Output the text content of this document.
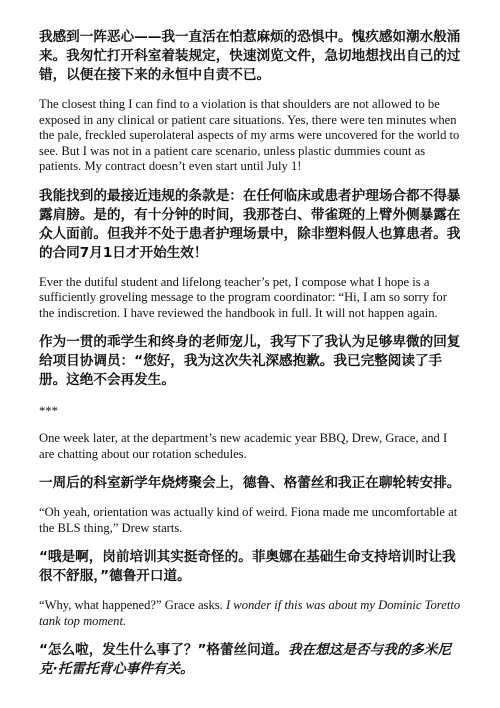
我感到一阵恶心——我一直活在怕惹麻烦的恐惧中。愧疚感如潮水般涌来。我匆忙打开科室着装规定，快速浏览文件，急切地想找出自己的过错，以便在接下来的永恒中自责不已。

The closest thing I can find to a violation is that shoulders are not allowed to be exposed in any clinical or patient care situations. Yes, there were ten minutes when the pale, freckled superolateral aspects of my arms were uncovered for the world to see. But I was not in a patient care scenario, unless plastic dummies count as patients. My contract doesn’t even start until July 1!

我能找到的最接近违规的条款是：在任何临床或患者护理场合都不得暴露肩膀。是的，有十分钟的时间，我那苍白、带雀斑的上臂外侧暴露在众人面前。但我并不处于患者护理场景中，除非塑料假人也算患者。我的合同7月1日才开始生效！

Ever the dutiful student and lifelong teacher’s pet, I compose what I hope is a sufficiently groveling message to the program coordinator: “Hi, I am so sorry for the indiscretion. I have reviewed the handbook in full. It will not happen again.

作为一贯的乖学生和终身的老师宠儿，我写下了我认为足够卑微的回复给项目协调员：“您好，我为这次失礼深感抱歉。我已完整阅读了手册。这绝不会再发生。

***

One week later, at the department’s new academic year BBQ, Drew, Grace, and I are chatting about our rotation schedules.

一周后的科室新学年烧烤聚会上，德鲁、格蕾丝和我正在聊轮转安排。

“Oh yeah, orientation was actually kind of weird. Fiona made me uncomfortable at the BLS thing,” Drew starts.

“哦是啊，岗前培训其实挺奇怪的。菲奥娜在基础生命支持培训时让我很不舒服，”德鲁开口道。

“Why, what happened?” Grace asks. I wonder if this was about my Dominic Toretto tank top moment.

“怎么啦，发生什么事了？”格蕾丝问道。我在想这是否与我的多米尼克·托雷托背心事件有关。
